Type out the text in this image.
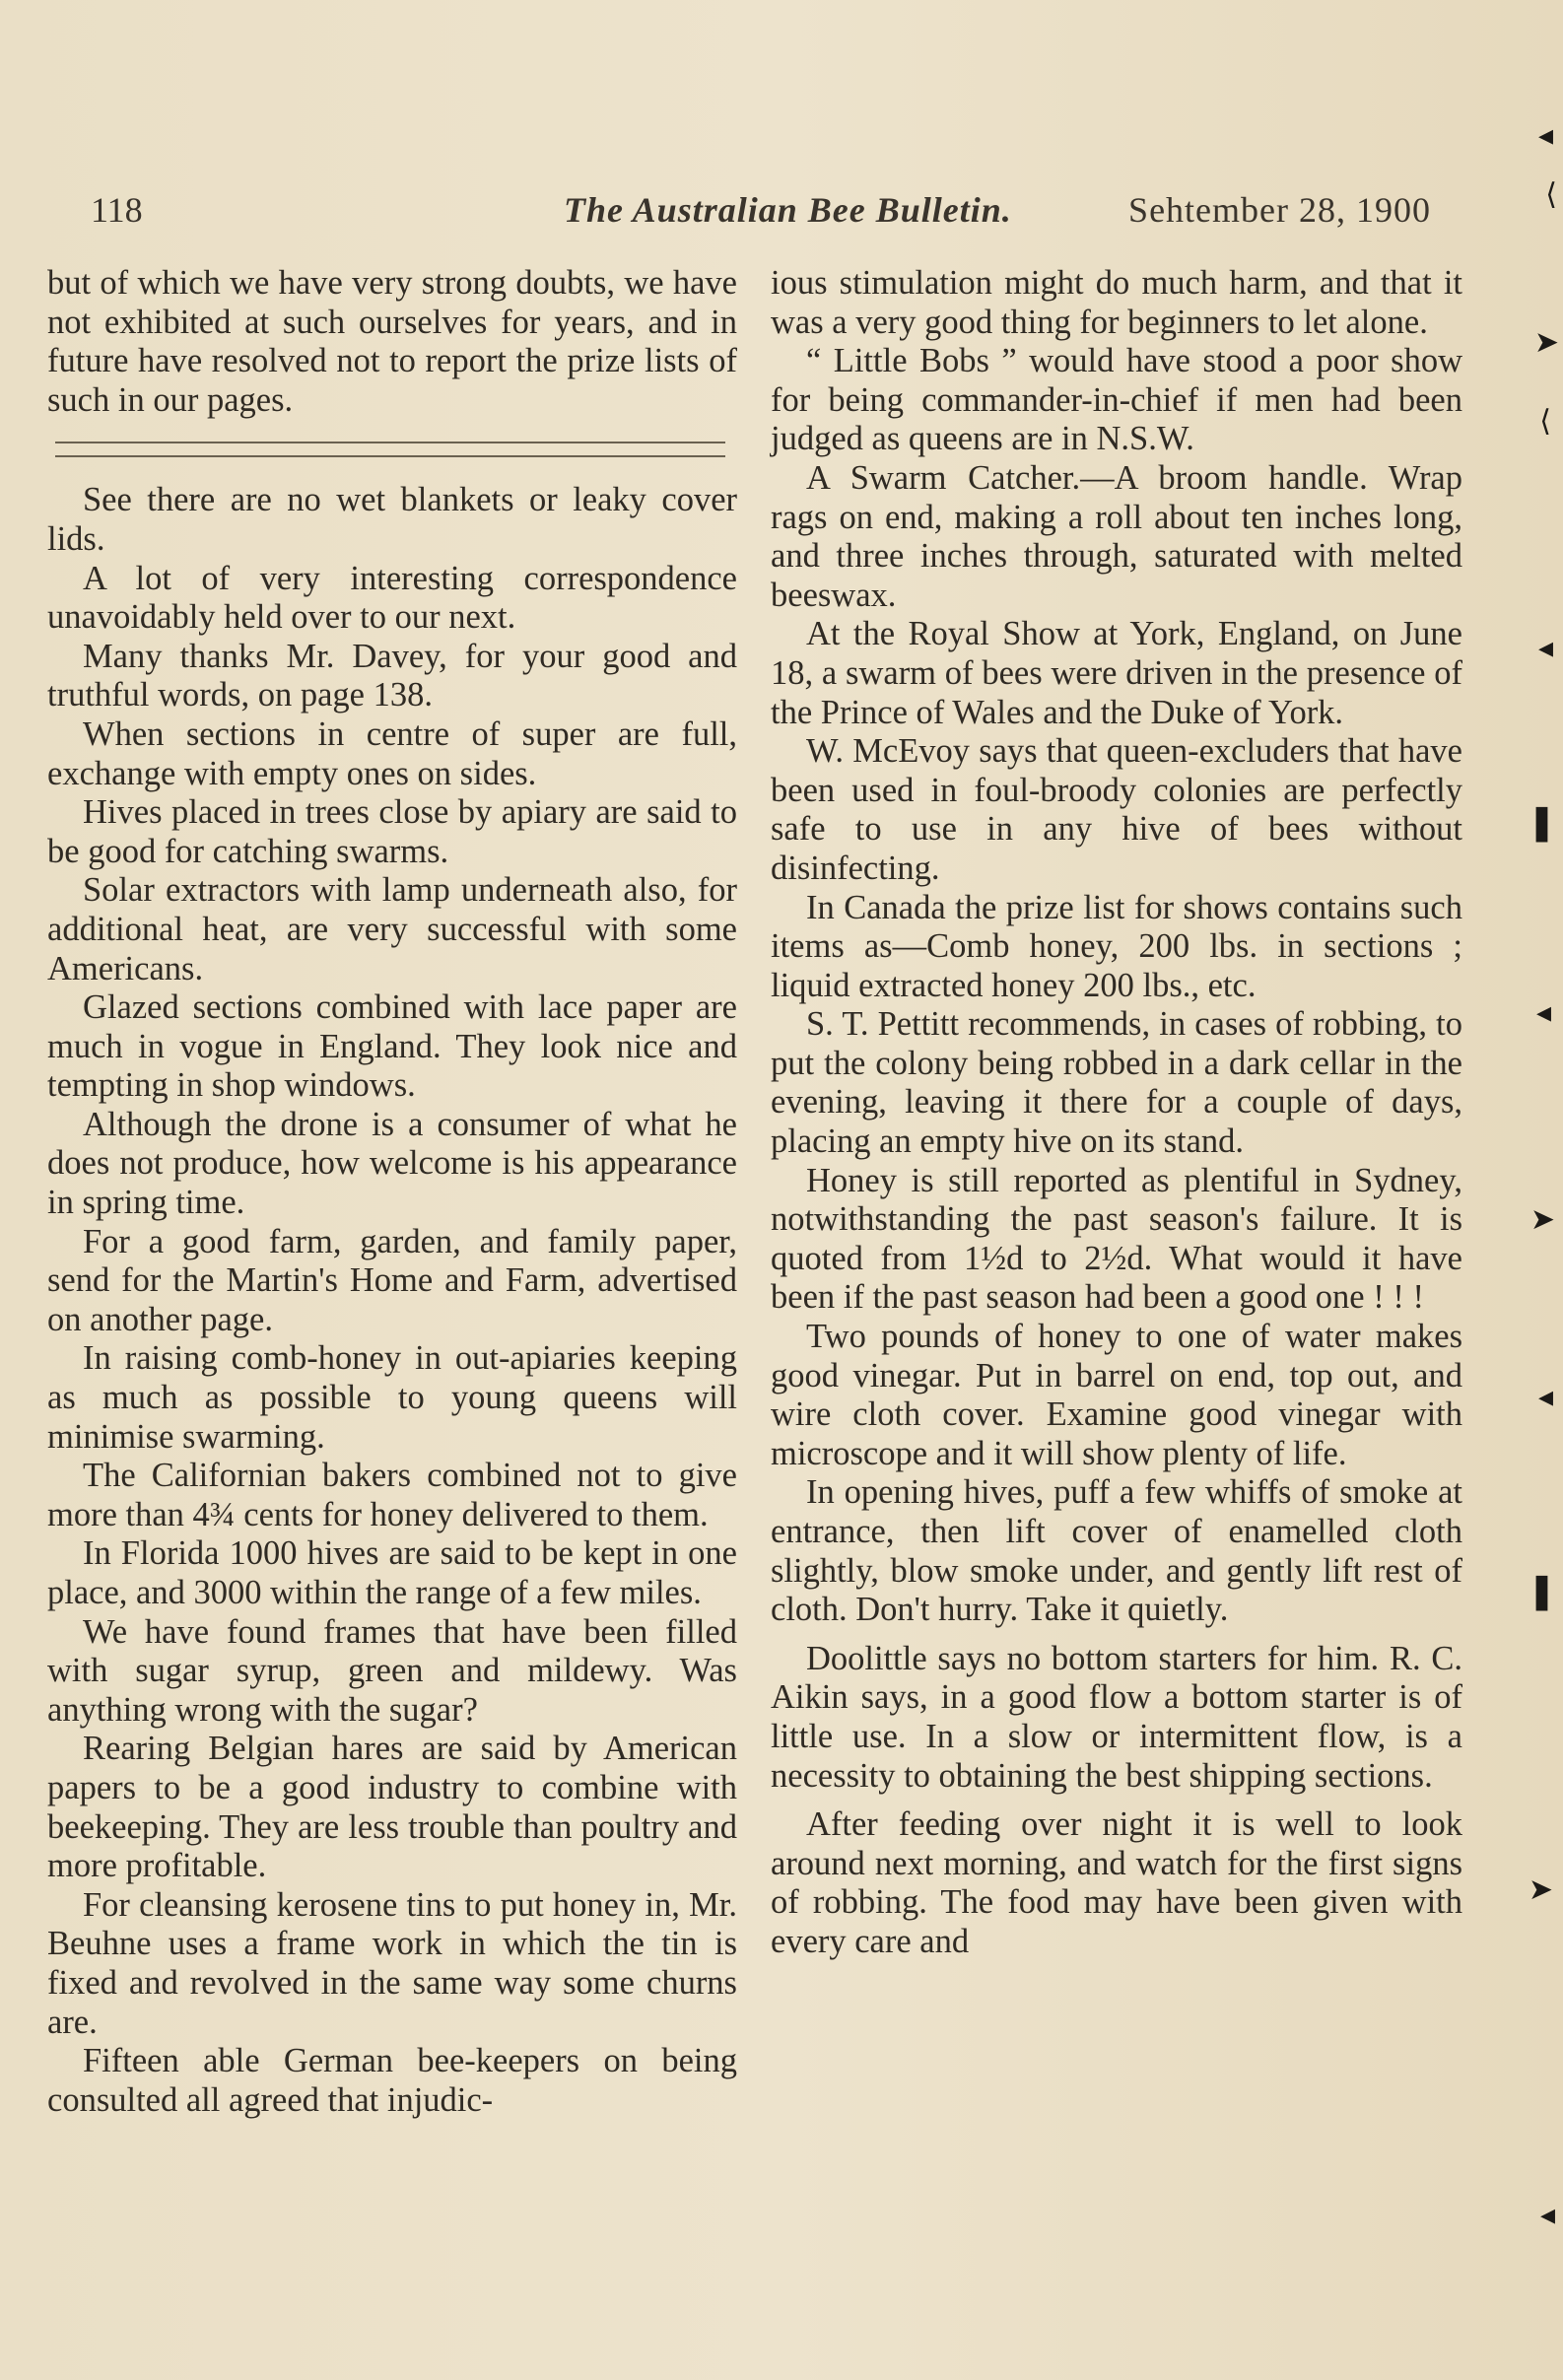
118	The Australian Bee Bulletin.	Sehtember 28, 1900

but of which we have very strong doubts, we have not exhibited at such ourselves for years, and in future have resolved not to report the prize lists of such in our pages.

See there are no wet blankets or leaky cover lids.

A lot of very interesting correspondence unavoidably held over to our next.

Many thanks Mr. Davey, for your good and truthful words, on page 138.

When sections in centre of super are full, exchange with empty ones on sides.

Hives placed in trees close by apiary are said to be good for catching swarms.

Solar extractors with lamp underneath also, for additional heat, are very successful with some Americans.

Glazed sections combined with lace paper are much in vogue in England. They look nice and tempting in shop windows.

Although the drone is a consumer of what he does not produce, how welcome is his appearance in spring time.

For a good farm, garden, and family paper, send for the Martin's Home and Farm, advertised on another page.

In raising comb-honey in out-apiaries keeping as much as possible to young queens will minimise swarming.

The Californian bakers combined not to give more than 4¾ cents for honey delivered to them.

In Florida 1000 hives are said to be kept in one place, and 3000 within the range of a few miles.

We have found frames that have been filled with sugar syrup, green and mildewy. Was anything wrong with the sugar?

Rearing Belgian hares are said by American papers to be a good industry to combine with beekeeping. They are less trouble than poultry and more profitable.

For cleansing kerosene tins to put honey in, Mr. Beuhne uses a frame work in which the tin is fixed and revolved in the same way some churns are.

Fifteen able German bee-keepers on being consulted all agreed that injudic-

ious stimulation might do much harm, and that it was a very good thing for beginners to let alone.

“ Little Bobs ” would have stood a poor show for being commander-in-chief if men had been judged as queens are in N.S.W.

A Swarm Catcher.—A broom handle. Wrap rags on end, making a roll about ten inches long, and three inches through, saturated with melted beeswax.

At the Royal Show at York, England, on June 18, a swarm of bees were driven in the presence of the Prince of Wales and the Duke of York.

W. McEvoy says that queen-excluders that have been used in foul-broody colonies are perfectly safe to use in any hive of bees without disinfecting.

In Canada the prize list for shows contains such items as—Comb honey, 200 lbs. in sections ; liquid extracted honey 200 lbs., etc.

S. T. Pettitt recommends, in cases of robbing, to put the colony being robbed in a dark cellar in the evening, leaving it there for a couple of days, placing an empty hive on its stand.

Honey is still reported as plentiful in Sydney, notwithstanding the past season's failure. It is quoted from 1½d to 2½d. What would it have been if the past season had been a good one ! ! !

Two pounds of honey to one of water makes good vinegar. Put in barrel on end, top out, and wire cloth cover. Examine good vinegar with microscope and it will show plenty of life.

In opening hives, puff a few whiffs of smoke at entrance, then lift cover of enamelled cloth slightly, blow smoke under, and gently lift rest of cloth. Don't hurry. Take it quietly.

Doolittle says no bottom starters for him. R. C. Aikin says, in a good flow a bottom starter is of little use. In a slow or intermittent flow, is a necessity to obtaining the best shipping sections.

After feeding over night it is well to look around next morning, and watch for the first signs of robbing. The food may have been given with every care and

◂
⟨
➤
⟨
◂
▌
◂
➤
◂
▌
➤
◂
